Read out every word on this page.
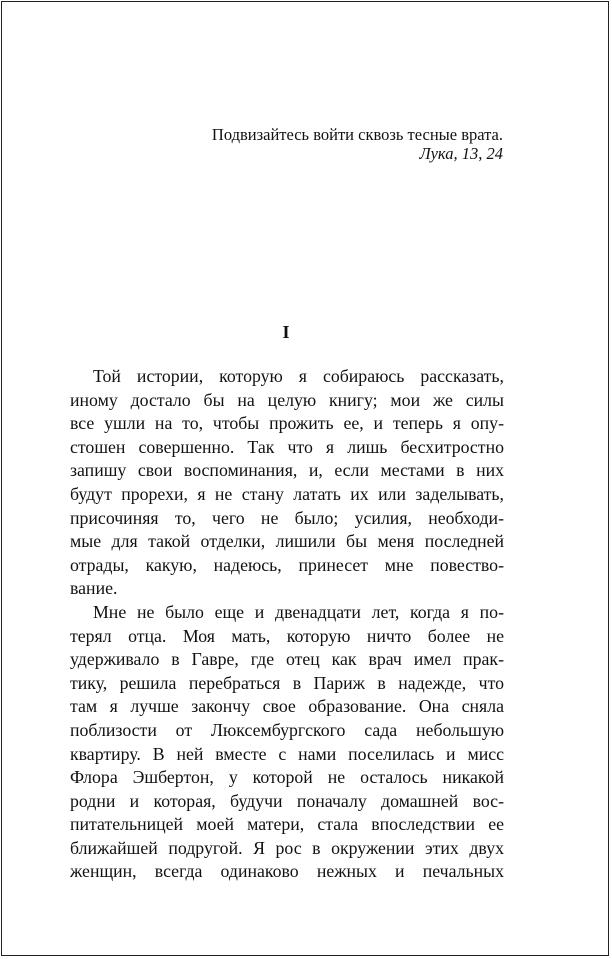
Подвизайтесь войти сквозь тесные врата.
Лука, 13, 24
I
Той истории, которую я собираюсь рассказать,
иному достало бы на целую книгу; мои же силы
все ушли на то, чтобы прожить ее, и теперь я опу-
стошен совершенно. Так что я лишь бесхитростно
запишу свои воспоминания, и, если местами в них
будут прорехи, я не стану латать их или заделывать,
присочиняя то, чего не было; усилия, необходи-
мые для такой отделки, лишили бы меня последней
отрады, какую, надеюсь, принесет мне повество-
вание.
Мне не было еще и двенадцати лет, когда я по-
терял отца. Моя мать, которую ничто более не
удерживало в Гавре, где отец как врач имел прак-
тику, решила перебраться в Париж в надежде, что
там я лучше закончу свое образование. Она сняла
поблизости от Люксембургского сада небольшую
квартиру. В ней вместе с нами поселилась и мисс
Флора Эшбертон, у которой не осталось никакой
родни и которая, будучи поначалу домашней вос-
питательницей моей матери, стала впоследствии ее
ближайшей подругой. Я рос в окружении этих двух
женщин, всегда одинаково нежных и печальных
